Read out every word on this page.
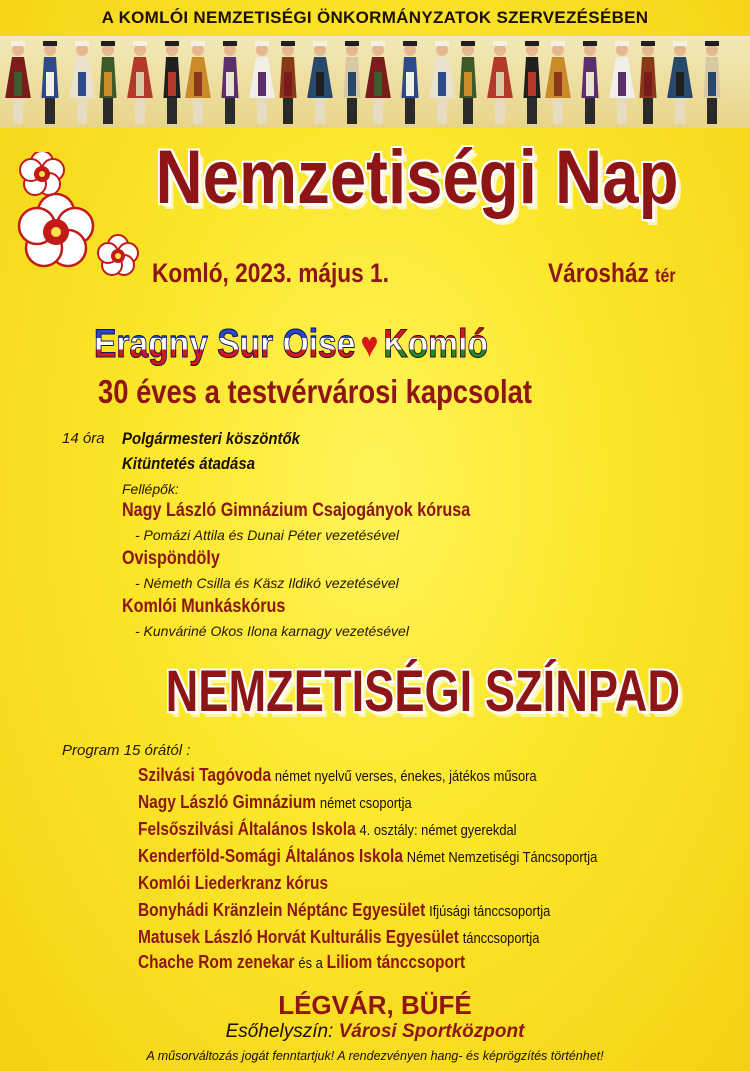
A KOMLÓI NEMZETISÉGI ÖNKORMÁNYZATOK SZERVEZÉSÉBEN
Nemzetiségi Nap
Komló, 2023. május 1.	Városház tér
Eragny Sur Oise ♥ Komló
30 éves a testvérvárosi kapcsolat
14 óra Polgármesteri köszöntők
Kitüntetés átadása
Fellépők:
Nagy László Gimnázium Csajogányok kórusa
- Pomázi Attila és Dunai Péter vezetésével
Ovispöndöly
- Németh Csilla és Käsz Ildikó vezetésével
Komlói Munkáskórus
- Kunváriné Okos Ilona karnagy vezetésével
NEMZETISÉGI SZÍNPAD
Program 15 órától :
Szilvási Tagóvoda német nyelvű verses, énekes, játékos műsora
Nagy László Gimnázium német csoportja
Felsőszilvási Általános Iskola 4. osztály: német gyerekdal
Kenderföld-Somági Általános Iskola Német Nemzetiségi Táncsoportja
Komlói Liederkranz kórus
Bonyhádi Kränzlein Néptánc Egyesület Ifjúsági tánccsoportja
Matusek László Horvát Kulturális Egyesület tánccsoportja
Chache Rom zenekar és a Liliom tánccsoport
LÉGVÁR, BÜFÉ
Esőhelyszín: Városi Sportközpont
A műsorváltozás jogát fenntartjuk! A rendezvényen hang- és képrögzítés történhet!
